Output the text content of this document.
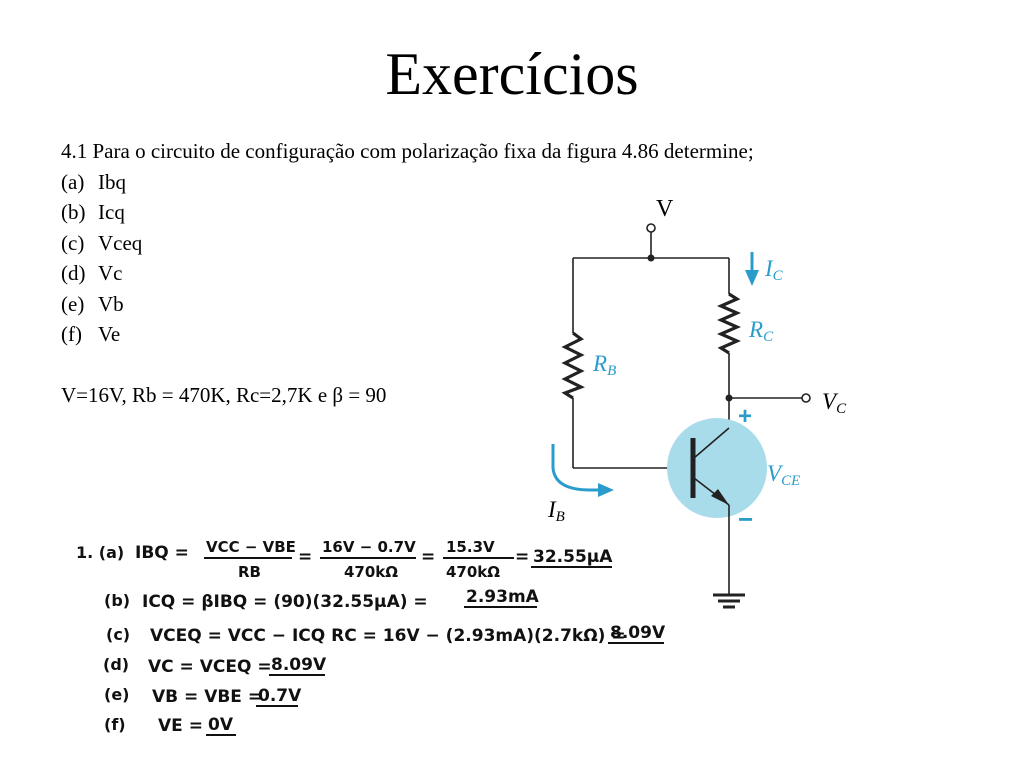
Exercícios
4.1 Para o circuito de configuração com polarização fixa da figura 4.86 determine;
(a) Ibq
(b) Icq
(c) Vceq
(d) Vc
(e) Vb
(f) Ve
V=16V, Rb = 470K, Rc=2,7K e β = 90
V
IC
RC
RB
VC
+
VCE
−
IB
1. (a) IBQ = VCC − VBE
RB
= 16V − 0.7V
470kΩ
= 15.3V
470kΩ
= 32.55μA
(b) ICQ = βIBQ = (90)(32.55μA) = 2.93mA
(c) VCEQ = VCC − ICQ RC = 16V − (2.93mA)(2.7kΩ) =
8.09V
(d) VC = VCEQ = 8.09V
(e) VB = VBE =
0.7V
(f) VE = 0V
